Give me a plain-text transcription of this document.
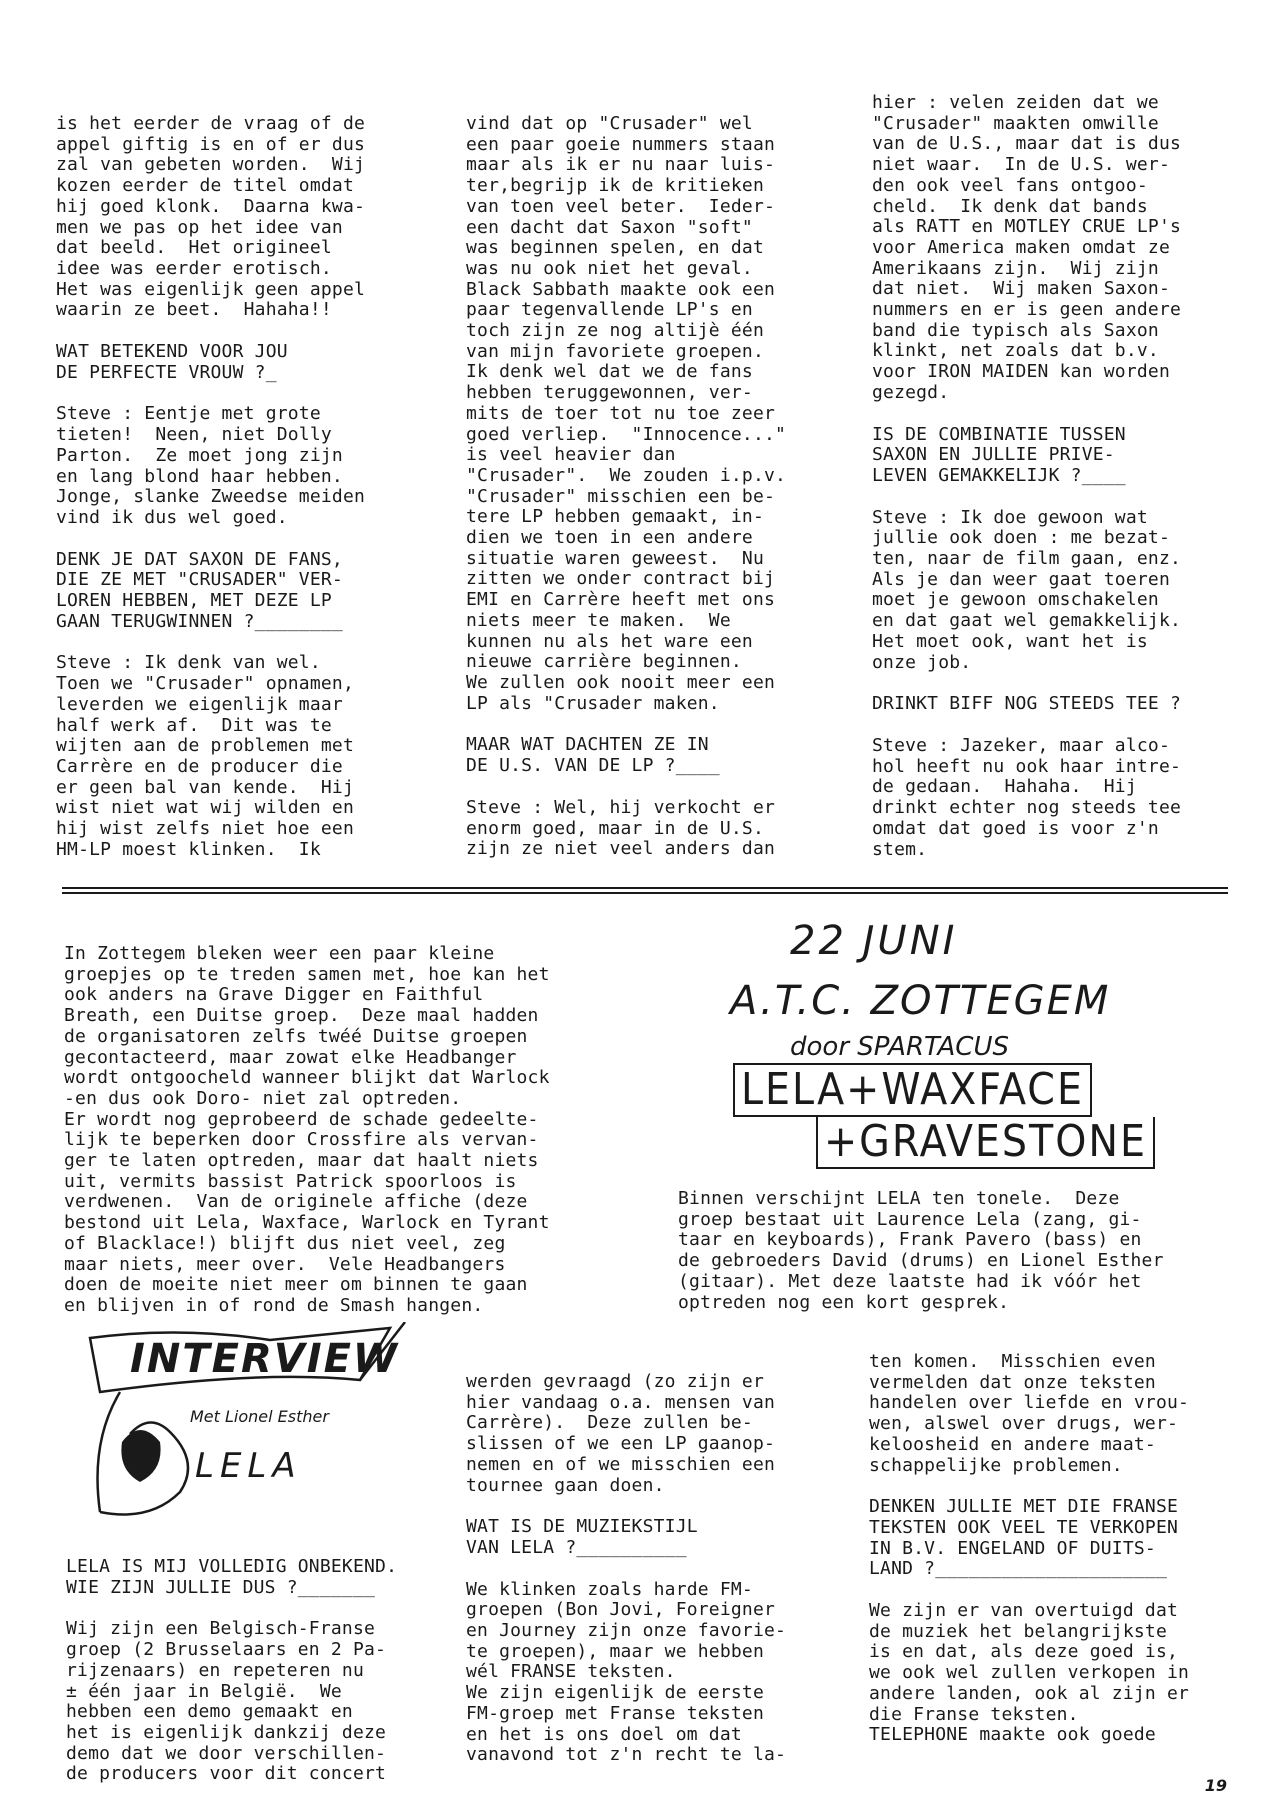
is het eerder de vraag of de

appel giftig is en of er dus

zal van gebeten worden.  Wij

kozen eerder de titel omdat

hij goed klonk.  Daarna kwa-

men we pas op het idee van

dat beeld.  Het origineel

idee was eerder erotisch.

Het was eigenlijk geen appel

waarin ze beet.  Hahaha!!

WAT BETEKEND VOOR JOU

DE PERFECTE VROUW ?_

Steve : Eentje met grote

tieten!  Neen, niet Dolly

Parton.  Ze moet jong zijn

en lang blond haar hebben.

Jonge, slanke Zweedse meiden

vind ik dus wel goed.

DENK JE DAT SAXON DE FANS,

DIE ZE MET "CRUSADER" VER-

LOREN HEBBEN, MET DEZE LP

GAAN TERUGWINNEN ?________

Steve : Ik denk van wel.

Toen we "Crusader" opnamen,

leverden we eigenlijk maar

half werk af.  Dit was te

wijten aan de problemen met

Carrère en de producer die

er geen bal van kende.  Hij

wist niet wat wij wilden en

hij wist zelfs niet hoe een

HM-LP moest klinken.  Ik

vind dat op "Crusader" wel

een paar goeie nummers staan

maar als ik er nu naar luis-

ter,begrijp ik de kritieken

van toen veel beter.  Ieder-

een dacht dat Saxon "soft"

was beginnen spelen, en dat

was nu ook niet het geval.

Black Sabbath maakte ook een

paar tegenvallende LP's en

toch zijn ze nog altijè één

van mijn favoriete groepen.

Ik denk wel dat we de fans

hebben teruggewonnen, ver-

mits de toer tot nu toe zeer

goed verliep.  "Innocence..."

is veel heavier dan

"Crusader".  We zouden i.p.v.

"Crusader" misschien een be-

tere LP hebben gemaakt, in-

dien we toen in een andere

situatie waren geweest.  Nu

zitten we onder contract bij

EMI en Carrère heeft met ons

niets meer te maken.  We

kunnen nu als het ware een

nieuwe carrière beginnen.

We zullen ook nooit meer een

LP als "Crusader maken.

MAAR WAT DACHTEN ZE IN

DE U.S. VAN DE LP ?____

Steve : Wel, hij verkocht er

enorm goed, maar in de U.S.

zijn ze niet veel anders dan

hier : velen zeiden dat we

"Crusader" maakten omwille

van de U.S., maar dat is dus

niet waar.  In de U.S. wer-

den ook veel fans ontgoo-

cheld.  Ik denk dat bands

als RATT en MOTLEY CRUE LP's

voor America maken omdat ze

Amerikaans zijn.  Wij zijn

dat niet.  Wij maken Saxon-

nummers en er is geen andere

band die typisch als Saxon

klinkt, net zoals dat b.v.

voor IRON MAIDEN kan worden

gezegd.

IS DE COMBINATIE TUSSEN

SAXON EN JULLIE PRIVE-

LEVEN GEMAKKELIJK ?____

Steve : Ik doe gewoon wat

jullie ook doen : me bezat-

ten, naar de film gaan, enz.

Als je dan weer gaat toeren

moet je gewoon omschakelen

en dat gaat wel gemakkelijk.

Het moet ook, want het is

onze job.

DRINKT BIFF NOG STEEDS TEE ?

Steve : Jazeker, maar alco-

hol heeft nu ook haar intre-

de gedaan.  Hahaha.  Hij

drinkt echter nog steeds tee

omdat dat goed is voor z'n

stem.

In Zottegem bleken weer een paar kleine

groepjes op te treden samen met, hoe kan het

ook anders na Grave Digger en Faithful

Breath, een Duitse groep.  Deze maal hadden

de organisatoren zelfs twéé Duitse groepen

gecontacteerd, maar zowat elke Headbanger

wordt ontgoocheld wanneer blijkt dat Warlock

-en dus ook Doro- niet zal optreden.

Er wordt nog geprobeerd de schade gedeelte-

lijk te beperken door Crossfire als vervan-

ger te laten optreden, maar dat haalt niets

uit, vermits bassist Patrick spoorloos is

verdwenen.  Van de originele affiche (deze

bestond uit Lela, Waxface, Warlock en Tyrant

of Blacklace!) blijft dus niet veel, zeg

maar niets, meer over.  Vele Headbangers

doen de moeite niet meer om binnen te gaan

en blijven in of rond de Smash hangen.

22 JUNI
A.T.C. ZOTTEGEM
door SPARTACUS
LELA+WAXFACE
+GRAVESTONE

Binnen verschijnt LELA ten tonele.  Deze

groep bestaat uit Laurence Lela (zang, gi-

taar en keyboards), Frank Pavero (bass) en

de gebroeders David (drums) en Lionel Esther

(gitaar). Met deze laatste had ik vóór het

optreden nog een kort gesprek.

INTERVIEW
Met Lionel Esther
LELA

LELA IS MIJ VOLLEDIG ONBEKEND.

WIE ZIJN JULLIE DUS ?_______

Wij zijn een Belgisch-Franse

groep (2 Brusselaars en 2 Pa-

rijzenaars) en repeteren nu

± één jaar in België.  We

hebben een demo gemaakt en

het is eigenlijk dankzij deze

demo dat we door verschillen-

de producers voor dit concert

werden gevraagd (zo zijn er

hier vandaag o.a. mensen van

Carrère).  Deze zullen be-

slissen of we een LP gaanop-

nemen en of we misschien een

tournee gaan doen.

WAT IS DE MUZIEKSTIJL

VAN LELA ?__________

We klinken zoals harde FM-

groepen (Bon Jovi, Foreigner

en Journey zijn onze favorie-

te groepen), maar we hebben

wél FRANSE teksten.

We zijn eigenlijk de eerste

FM-groep met Franse teksten

en het is ons doel om dat

vanavond tot z'n recht te la-

ten komen.  Misschien even

vermelden dat onze teksten

handelen over liefde en vrou-

wen, alswel over drugs, wer-

keloosheid en andere maat-

schappelijke problemen.

DENKEN JULLIE MET DIE FRANSE

TEKSTEN OOK VEEL TE VERKOPEN

IN B.V. ENGELAND OF DUITS-

LAND ?_____________________

We zijn er van overtuigd dat

de muziek het belangrijkste

is en dat, als deze goed is,

we ook wel zullen verkopen in

andere landen, ook al zijn er

die Franse teksten.

TELEPHONE maakte ook goede

19
